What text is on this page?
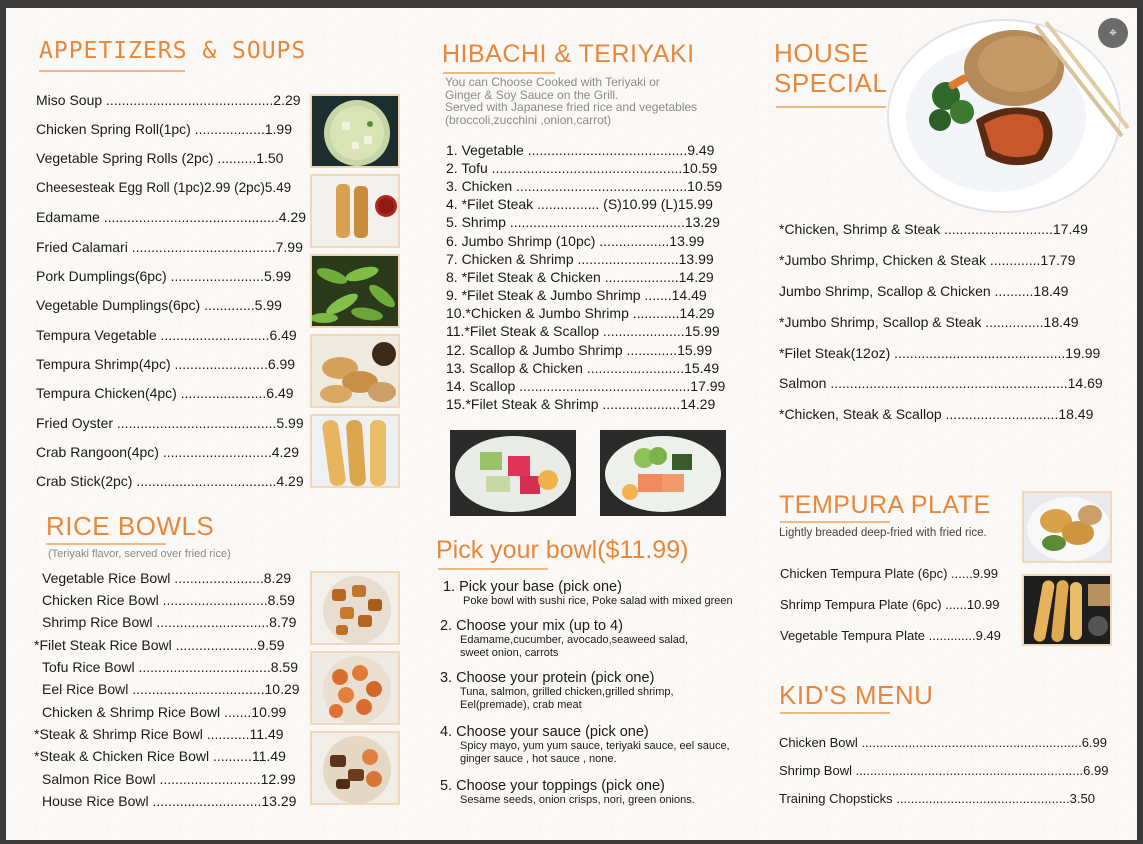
APPETIZERS & SOUPS
Miso Soup ...........................................2.29
Chicken Spring Roll(1pc) ..................1.99
Vegetable Spring Rolls (2pc) ..........1.50
Cheesesteak Egg Roll (1pc)2.99 (2pc)5.49
Edamame .............................................4.29
Fried Calamari .....................................7.99
Pork Dumplings(6pc) ........................5.99
Vegetable Dumplings(6pc) .............5.99
Tempura Vegetable ............................6.49
Tempura Shrimp(4pc) ........................6.99
Tempura Chicken(4pc) ......................6.49
Fried Oyster .........................................5.99
Crab Rangoon(4pc) ............................4.29
Crab Stick(2pc) ....................................4.29
RICE BOWLS
(Teriyaki flavor, served over fried rice)
Vegetable Rice Bowl .......................8.29
Chicken Rice Bowl ...........................8.59
Shrimp Rice Bowl .............................8.79
*Filet Steak Rice Bowl .....................9.59
Tofu Rice Bowl ..................................8.59
Eel Rice Bowl ..................................10.29
Chicken & Shrimp Rice Bowl .......10.99
*Steak & Shrimp Rice Bowl ...........11.49
*Steak & Chicken Rice Bowl ..........11.49
Salmon Rice Bowl ..........................12.99
House Rice Bowl ............................13.29
HIBACHI & TERIYAKI
You can Choose Cooked with Teriyaki or
Ginger & Soy Sauce on the Grill.
Served with Japanese fried rice and vegetables
(broccoli,zucchini ,onion,carrot)
1. Vegetable .........................................9.49
2. Tofu .................................................10.59
3. Chicken ............................................10.59
4. *Filet Steak ................ (S)10.99 (L)15.99
5. Shrimp .............................................13.29
6. Jumbo Shrimp (10pc) ..................13.99
7. Chicken & Shrimp ..........................13.99
8. *Filet Steak & Chicken ...................14.29
9. *Filet Steak & Jumbo Shrimp .......14.49
10.*Chicken & Jumbo Shrimp ............14.29
11.*Filet Steak & Scallop .....................15.99
12. Scallop & Jumbo Shrimp .............15.99
13. Scallop & Chicken .........................15.49
14. Scallop ............................................17.99
15.*Filet Steak & Shrimp ....................14.29
Pick your bowl($11.99)
1. Pick your base (pick one)
Poke bowl with sushi rice, Poke salad with mixed green
2. Choose your mix (up to 4)
Edamame,cucumber, avocado,seaweed salad,
sweet onion, carrots
3. Choose your protein (pick one)
Tuna, salmon, grilled chicken,grilled shrimp,
Eel(premade), crab meat
4. Choose your sauce (pick one)
Spicy mayo, yum yum sauce, teriyaki sauce, eel sauce,
ginger sauce , hot sauce , none.
5. Choose your toppings (pick one)
Sesame seeds, onion crisps, nori, green onions.
HOUSE
SPECIAL
*Chicken, Shrimp & Steak ............................17.49
*Jumbo Shrimp, Chicken & Steak .............17.79
Jumbo Shrimp, Scallop & Chicken ..........18.49
*Jumbo Shrimp, Scallop & Steak ...............18.49
*Filet Steak(12oz) ............................................19.99
Salmon .............................................................14.69
*Chicken, Steak & Scallop .............................18.49
TEMPURA PLATE
Lightly breaded deep-fried with fried rice.
Chicken Tempura Plate (6pc) ......9.99
Shrimp Tempura Plate (6pc) ......10.99
Vegetable Tempura Plate .............9.49
KID'S MENU
Chicken Bowl .............................................................6.99
Shrimp Bowl ...............................................................6.99
Training Chopsticks ................................................3.50
⌖
